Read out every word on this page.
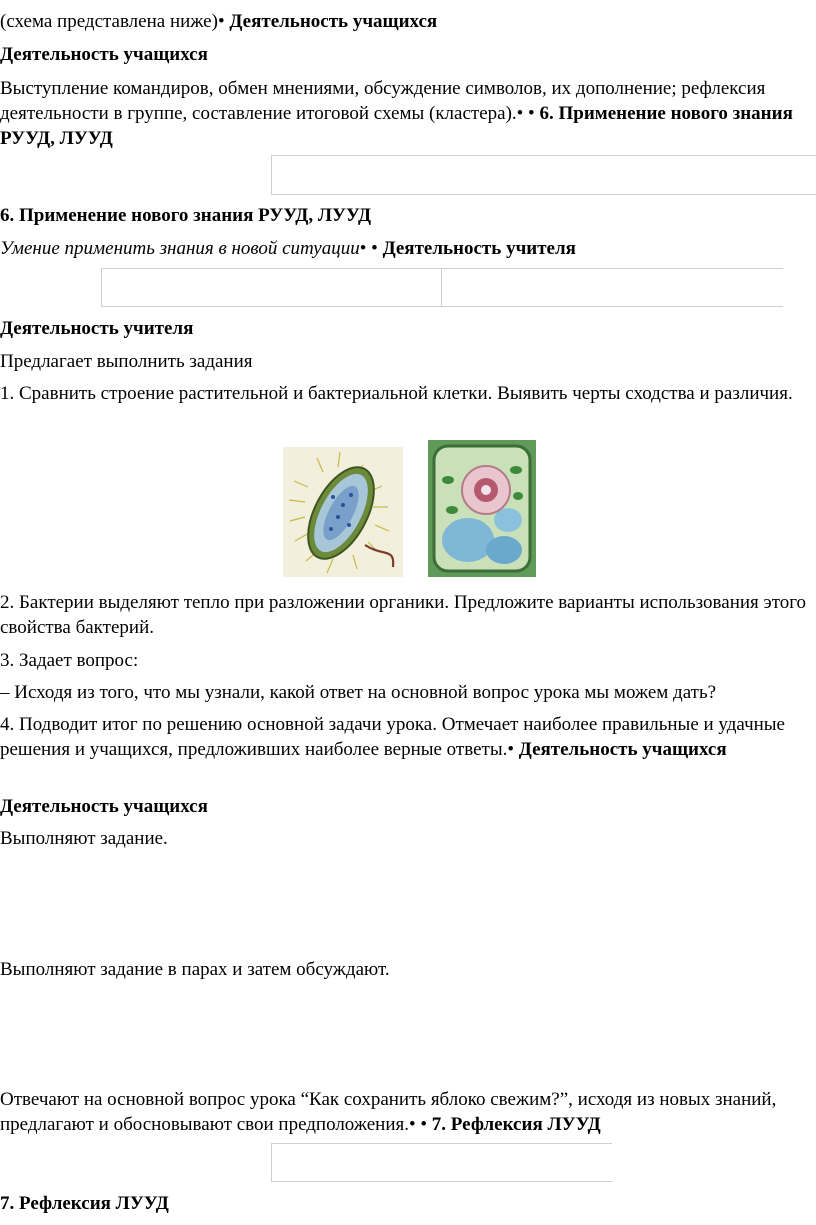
(схема представлена ниже)• Деятельность учащихся

Деятельность учащихся

Выступление командиров, обмен мнениями, обсуждение символов, их дополнение; рефлексия деятельности в группе, составление итоговой схемы (кластера).• • 6. Применение нового знания РУУД, ЛУУД

6. Применение нового знания РУУД, ЛУУД

Умение применить знания в новой ситуации• • Деятельность учителя

Деятельность учителя

Предлагает выполнить задания

1. Сравнить строение растительной и бактериальной клетки. Выявить черты сходства и различия.

2. Бактерии выделяют тепло при разложении органики. Предложите варианты использования этого свойства бактерий.

3. Задает вопрос:

– Исходя из того, что мы узнали, какой ответ на основной вопрос урока мы можем дать?

4. Подводит итог по решению основной задачи урока. Отмечает наиболее правильные и удачные решения и учащихся, предложивших наиболее верные ответы.• Деятельность учащихся

Деятельность учащихся

Выполняют задание.

Выполняют задание в парах и затем обсуждают.

Отвечают на основной вопрос урока “Как сохранить яблоко свежим?”, исходя из новых знаний, предлагают и обосновывают свои предположения.• • 7. Рефлексия ЛУУД

7. Рефлексия ЛУУД
